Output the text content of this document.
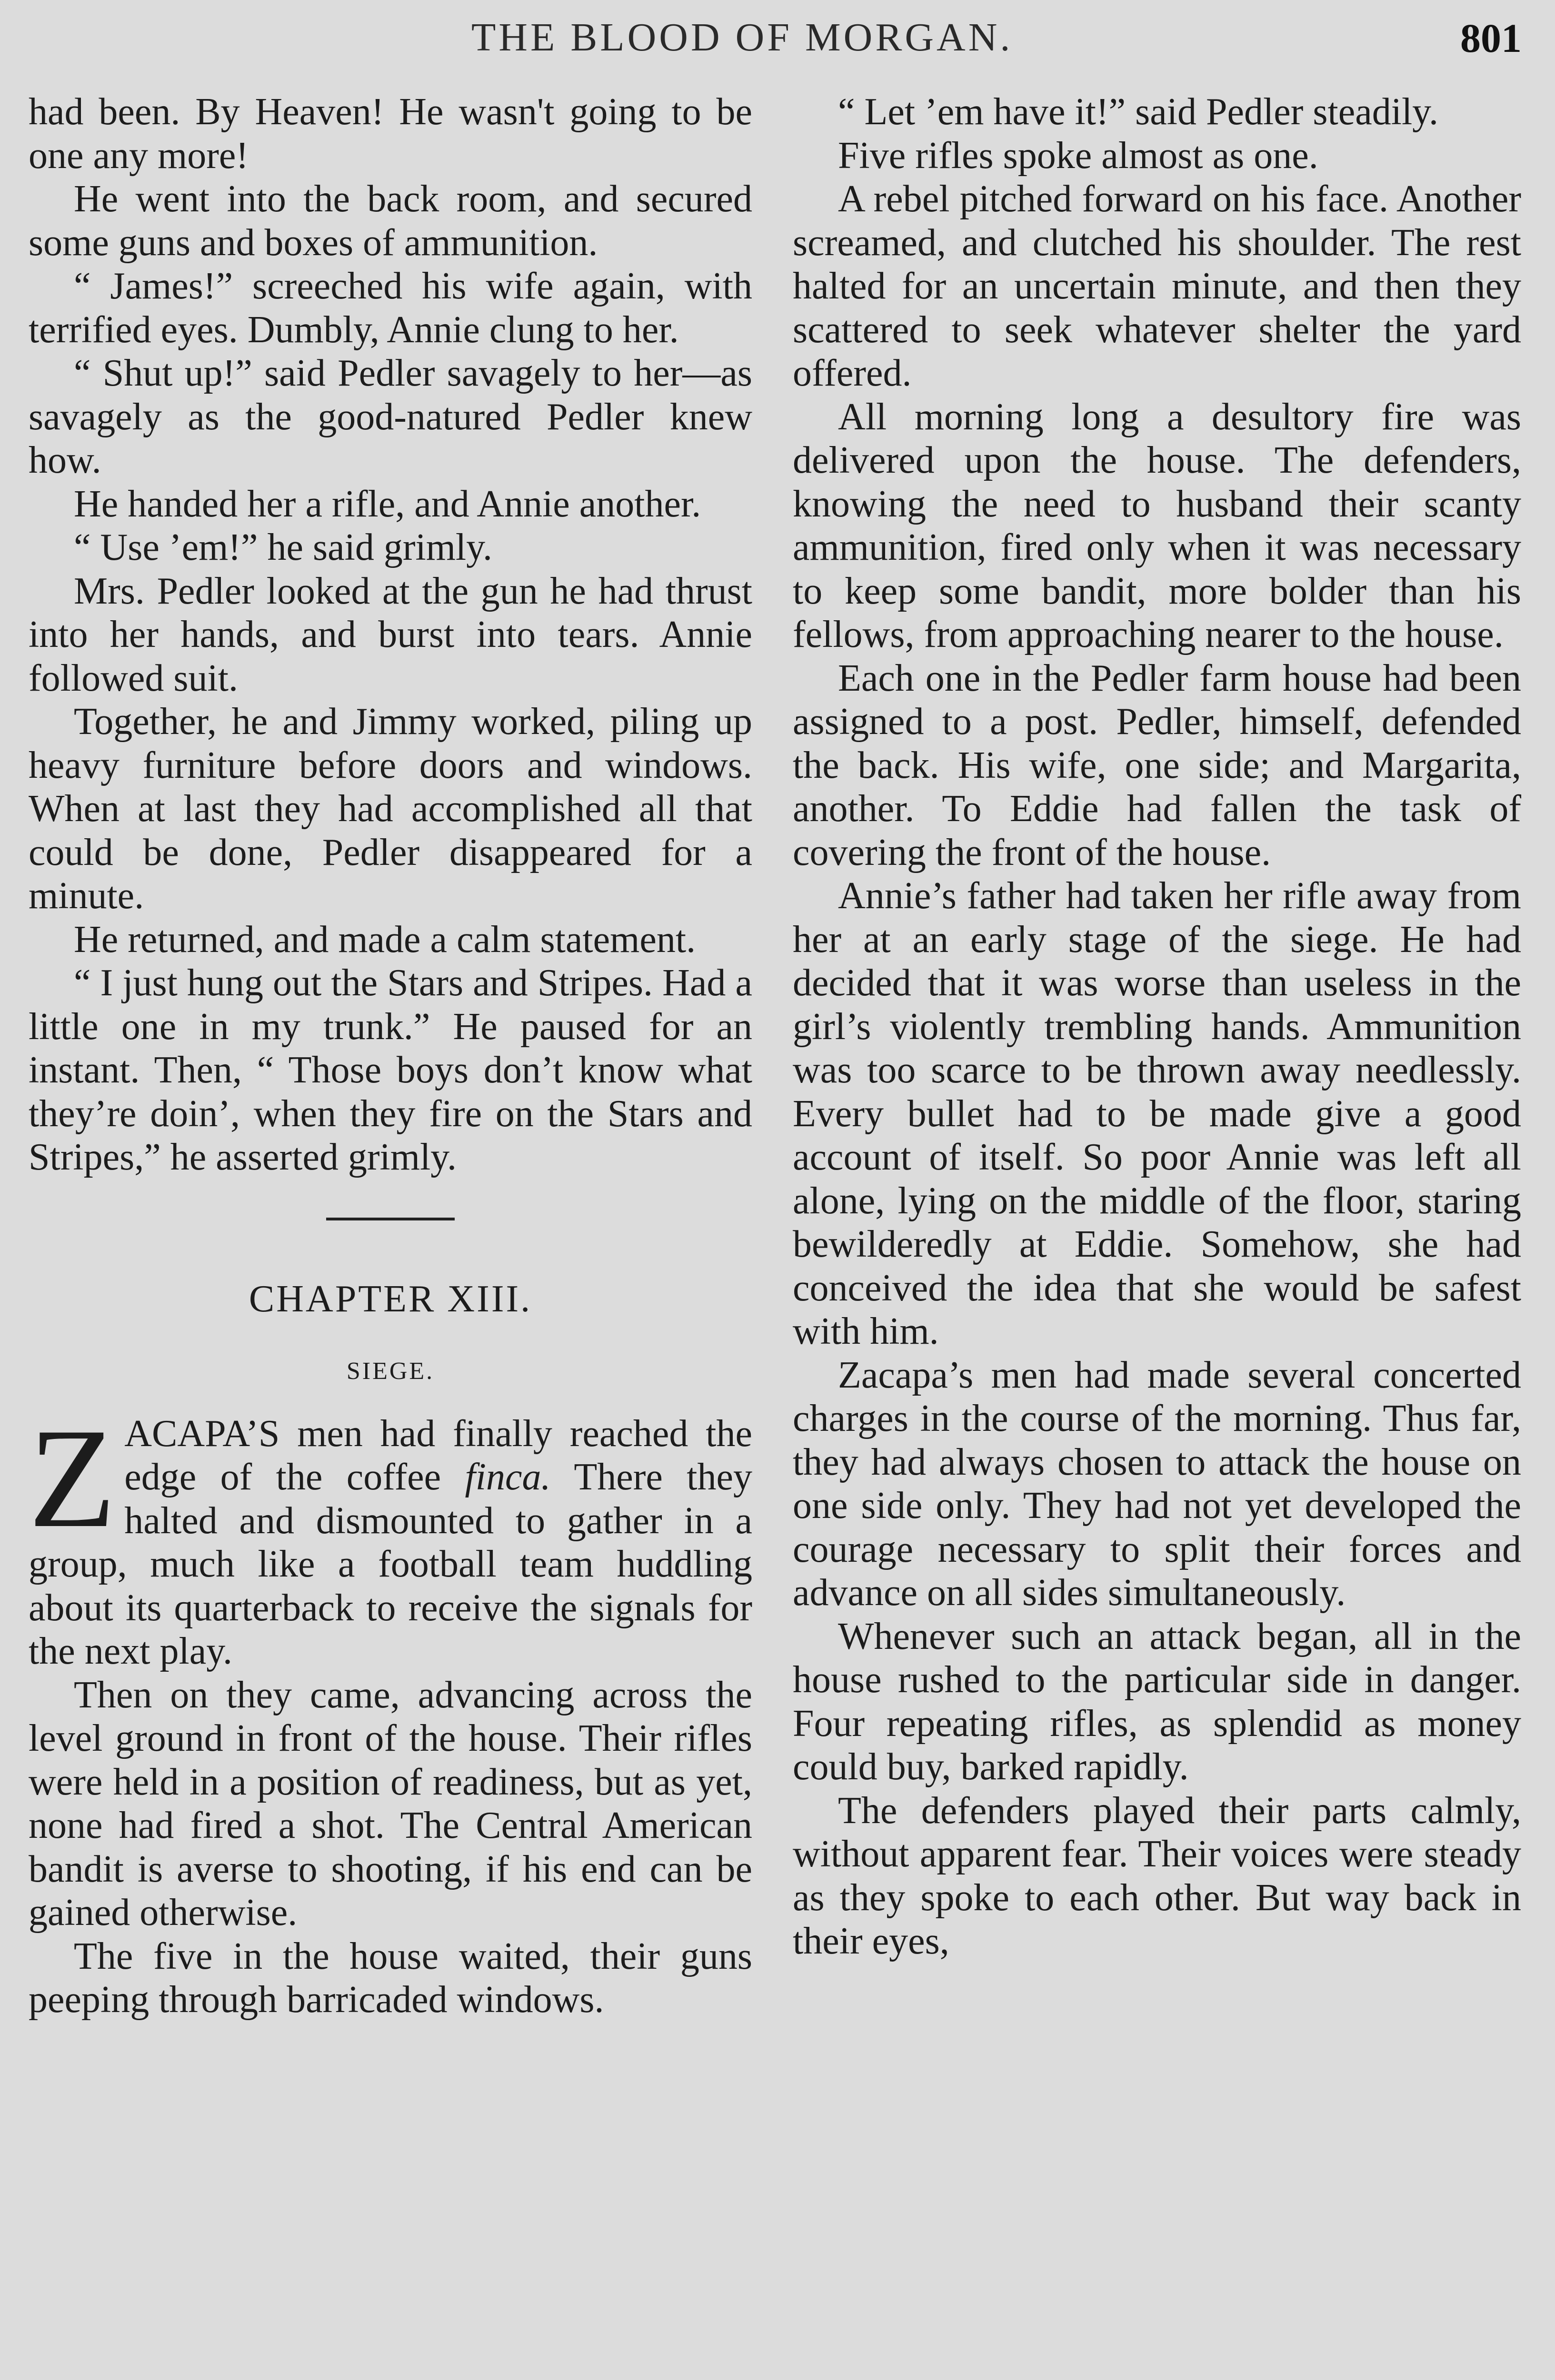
THE BLOOD OF MORGAN.	801

had been. By Heaven! He wasn't going to be one any more!

He went into the back room, and secured some guns and boxes of ammunition.

“ James!” screeched his wife again, with terrified eyes. Dumbly, Annie clung to her.

“ Shut up!” said Pedler savagely to her—as savagely as the good-natured Pedler knew how.

He handed her a rifle, and Annie another.

“ Use ’em!” he said grimly.

Mrs. Pedler looked at the gun he had thrust into her hands, and burst into tears. Annie followed suit.

Together, he and Jimmy worked, piling up heavy furniture before doors and windows. When at last they had accomplished all that could be done, Pedler disappeared for a minute.

He returned, and made a calm statement.

“ I just hung out the Stars and Stripes. Had a little one in my trunk.” He paused for an instant. Then, “ Those boys don’t know what they’re doin’, when they fire on the Stars and Stripes,” he asserted grimly.

CHAPTER XIII.
SIEGE.

ZACAPA’S men had finally reached the edge of the coffee finca. There they halted and dismounted to gather in a group, much like a football team huddling about its quarterback to receive the signals for the next play.

Then on they came, advancing across the level ground in front of the house. Their rifles were held in a position of readiness, but as yet, none had fired a shot. The Central American bandit is averse to shooting, if his end can be gained otherwise.

The five in the house waited, their guns peeping through barricaded windows.

“ Let ’em have it!” said Pedler steadily.

Five rifles spoke almost as one.

A rebel pitched forward on his face. Another screamed, and clutched his shoulder. The rest halted for an uncertain minute, and then they scattered to seek whatever shelter the yard offered.

All morning long a desultory fire was delivered upon the house. The defenders, knowing the need to husband their scanty ammunition, fired only when it was necessary to keep some bandit, more bolder than his fellows, from approaching nearer to the house.

Each one in the Pedler farm house had been assigned to a post. Pedler, himself, defended the back. His wife, one side; and Margarita, another. To Eddie had fallen the task of covering the front of the house.

Annie’s father had taken her rifle away from her at an early stage of the siege. He had decided that it was worse than useless in the girl’s violently trembling hands. Ammunition was too scarce to be thrown away needlessly. Every bullet had to be made give a good account of itself. So poor Annie was left all alone, lying on the middle of the floor, staring bewilderedly at Eddie. Somehow, she had conceived the idea that she would be safest with him.

Zacapa’s men had made several concerted charges in the course of the morning. Thus far, they had always chosen to attack the house on one side only. They had not yet developed the courage necessary to split their forces and advance on all sides simultaneously.

Whenever such an attack began, all in the house rushed to the particular side in danger. Four repeating rifles, as splendid as money could buy, barked rapidly.

The defenders played their parts calmly, without apparent fear. Their voices were steady as they spoke to each other. But way back in their eyes,
